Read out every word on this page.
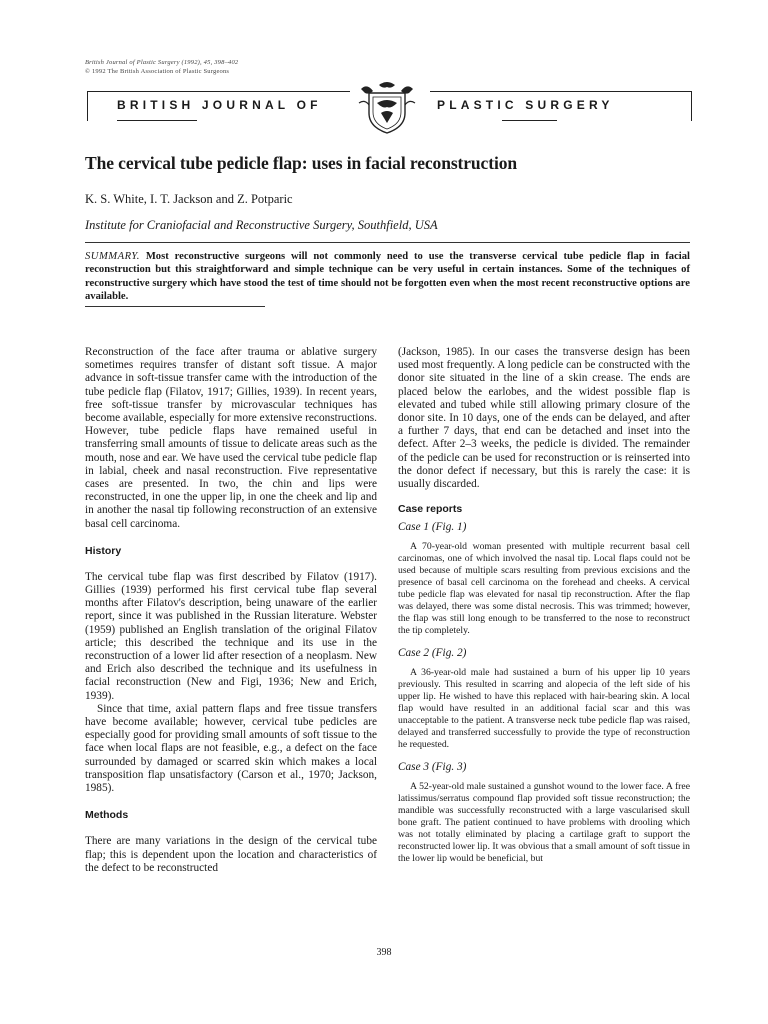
British Journal of Plastic Surgery (1992), 45, 398–402
© 1992 The British Association of Plastic Surgeons
BRITISH JOURNAL OF	PLASTIC SURGERY
The cervical tube pedicle flap: uses in facial reconstruction
K. S. White, I. T. Jackson and Z. Potparic
Institute for Craniofacial and Reconstructive Surgery, Southfield, USA
SUMMARY. Most reconstructive surgeons will not commonly need to use the transverse cervical tube pedicle flap in facial reconstruction but this straightforward and simple technique can be very useful in certain instances. Some of the techniques of reconstructive surgery which have stood the test of time should not be forgotten even when the most recent reconstructive options are available.

Reconstruction of the face after trauma or ablative surgery sometimes requires transfer of distant soft tissue. A major advance in soft-tissue transfer came with the introduction of the tube pedicle flap (Filatov, 1917; Gillies, 1939). In recent years, free soft-tissue transfer by microvascular techniques has become available, especially for more extensive reconstructions. However, tube pedicle flaps have remained useful in transferring small amounts of tissue to delicate areas such as the mouth, nose and ear. We have used the cervical tube pedicle flap in labial, cheek and nasal reconstruction. Five representative cases are presented. In two, the chin and lips were reconstructed, in one the upper lip, in one the cheek and lip and in another the nasal tip following reconstruction of an extensive basal cell carcinoma.

History

The cervical tube flap was first described by Filatov (1917). Gillies (1939) performed his first cervical tube flap several months after Filatov's description, being unaware of the earlier report, since it was published in the Russian literature. Webster (1959) published an English translation of the original Filatov article; this described the technique and its use in the reconstruction of a lower lid after resection of a neoplasm. New and Erich also described the technique and its usefulness in facial reconstruction (New and Figi, 1936; New and Erich, 1939).

Since that time, axial pattern flaps and free tissue transfers have become available; however, cervical tube pedicles are especially good for providing small amounts of soft tissue to the face when local flaps are not feasible, e.g., a defect on the face surrounded by damaged or scarred skin which makes a local transposition flap unsatisfactory (Carson et al., 1970; Jackson, 1985).

Methods

There are many variations in the design of the cervical tube flap; this is dependent upon the location and characteristics of the defect to be reconstructed

(Jackson, 1985). In our cases the transverse design has been used most frequently. A long pedicle can be constructed with the donor site situated in the line of a skin crease. The ends are placed below the earlobes, and the widest possible flap is elevated and tubed while still allowing primary closure of the donor site. In 10 days, one of the ends can be delayed, and after a further 7 days, that end can be detached and inset into the defect. After 2–3 weeks, the pedicle is divided. The remainder of the pedicle can be used for reconstruction or is reinserted into the donor defect if necessary, but this is rarely the case: it is usually discarded.

Case reports

Case 1 (Fig. 1)

A 70-year-old woman presented with multiple recurrent basal cell carcinomas, one of which involved the nasal tip. Local flaps could not be used because of multiple scars resulting from previous excisions and the presence of basal cell carcinoma on the forehead and cheeks. A cervical tube pedicle flap was elevated for nasal tip reconstruction. After the flap was delayed, there was some distal necrosis. This was trimmed; however, the flap was still long enough to be transferred to the nose to reconstruct the tip completely.

Case 2 (Fig. 2)

A 36-year-old male had sustained a burn of his upper lip 10 years previously. This resulted in scarring and alopecia of the left side of his upper lip. He wished to have this replaced with hair-bearing skin. A local flap would have resulted in an additional facial scar and this was unacceptable to the patient. A transverse neck tube pedicle flap was raised, delayed and transferred successfully to provide the type of reconstruction he requested.

Case 3 (Fig. 3)

A 52-year-old male sustained a gunshot wound to the lower face. A free latissimus/serratus compound flap provided soft tissue reconstruction; the mandible was successfully reconstructed with a large vascularised skull bone graft. The patient continued to have problems with drooling which was not totally eliminated by placing a cartilage graft to support the reconstructed lower lip. It was obvious that a small amount of soft tissue in the lower lip would be beneficial, but

398
